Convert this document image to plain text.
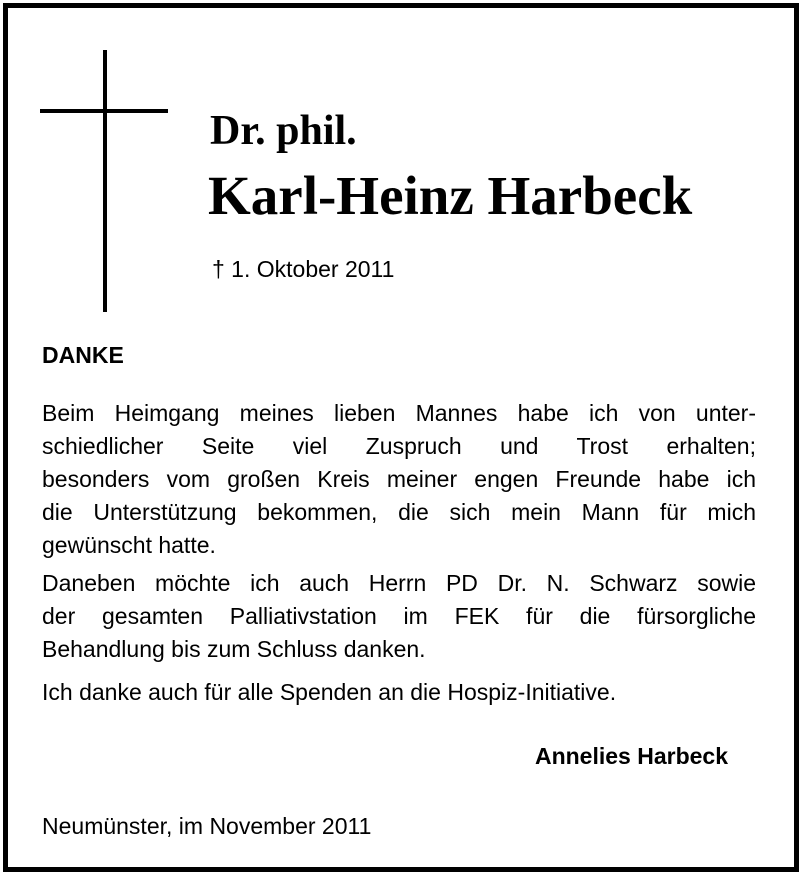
Dr. phil.
Karl-Heinz Harbeck
† 1. Oktober 2011
DANKE
Beim Heimgang meines lieben Mannes habe ich von unter-
schiedlicher Seite viel Zuspruch und Trost erhalten;
besonders vom großen Kreis meiner engen Freunde habe ich
die Unterstützung bekommen, die sich mein Mann für mich
gewünscht hatte.
Daneben möchte ich auch Herrn PD Dr. N. Schwarz sowie
der gesamten Palliativstation im FEK für die fürsorgliche
Behandlung bis zum Schluss danken.
Ich danke auch für alle Spenden an die Hospiz-Initiative.
Annelies Harbeck
Neumünster, im November 2011
